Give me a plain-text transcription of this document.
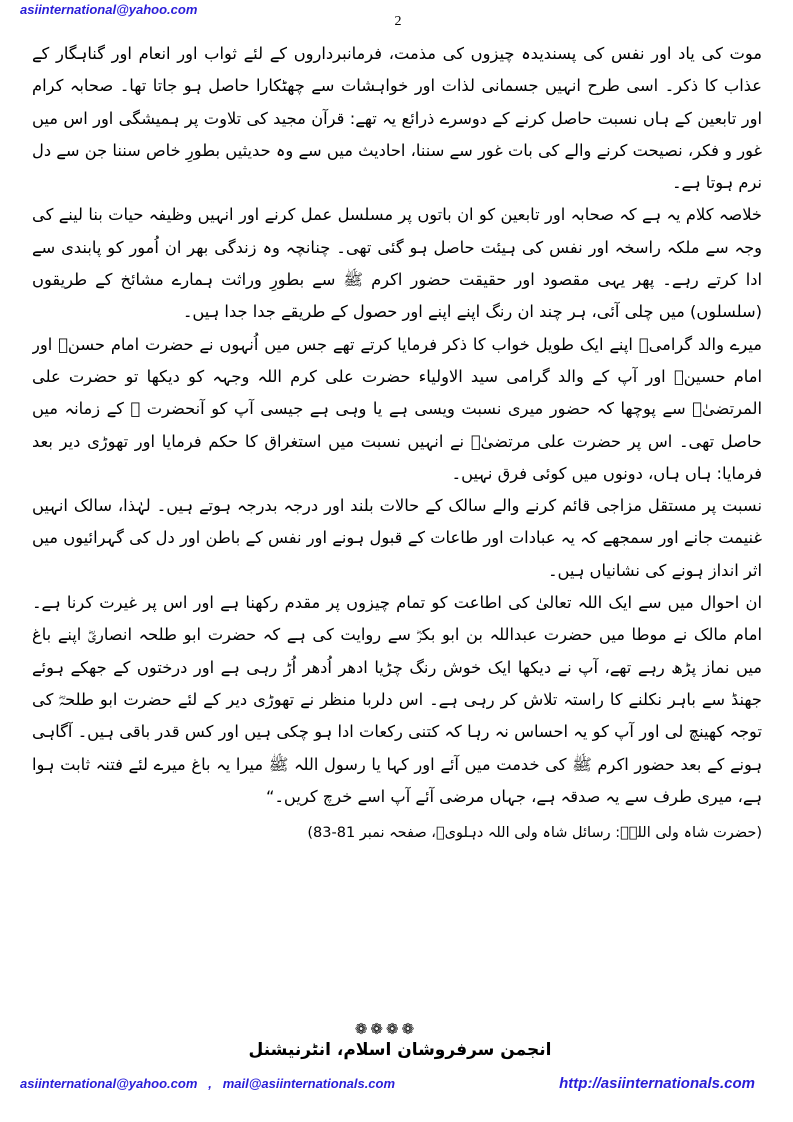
asiinternational@yahoo.com
2

موت کی یاد اور نفس کی پسندیدہ چیزوں کی مذمت، فرمانبرداروں کے لئے ثواب اور انعام اور گناہگار کے عذاب کا ذکر۔ اسی طرح انہیں جسمانی لذات اور خواہشات سے چھٹکارا حاصل ہو جاتا تھا۔ صحابہ کرام اور تابعین کے ہاں نسبت حاصل کرنے کے دوسرے ذرائع یہ تھے: قرآن مجید کی تلاوت پر ہمیشگی اور اس میں غور و فکر، نصیحت کرنے والے کی بات غور سے سننا، احادیث میں سے وہ حدیثیں بطورِ خاص سننا جن سے دل نرم ہوتا ہے۔

خلاصہ کلام یہ ہے کہ صحابہ اور تابعین کو ان باتوں پر مسلسل عمل کرنے اور انہیں وظیفہ حیات بنا لینے کی وجہ سے ملکہ راسخہ اور نفس کی ہیئت حاصل ہو گئی تھی۔ چنانچہ وہ زندگی بھر ان اُمور کو پابندی سے ادا کرتے رہے۔ پھر یہی مقصود اور حقیقت حضور اکرم ﷺ سے بطورِ وراثت ہمارے مشائخ کے طریقوں (سلسلوں) میں چلی آئی، ہر چند ان رنگ اپنے اپنے اور حصول کے طریقے جدا جدا ہیں۔

میرے والد گرامیؒ اپنے ایک طویل خواب کا ذکر فرمایا کرتے تھے جس میں اُنہوں نے حضرت امام حسنؓ اور امام حسینؓ اور آپ کے والد گرامی سید الاولیاء حضرت علی کرم اللہ وجہہ کو دیکھا تو حضرت علی المرتضیٰؓ سے پوچھا کہ حضور میری نسبت ویسی ہے یا وہی ہے جیسی آپ کو آنحضرت ﷺ کے زمانہ میں حاصل تھی۔ اس پر حضرت علی مرتضیٰؓ نے انہیں نسبت میں استغراق کا حکم فرمایا اور تھوڑی دیر بعد فرمایا: ہاں ہاں، دونوں میں کوئی فرق نہیں۔

نسبت پر مستقل مزاجی قائم کرنے والے سالک کے حالات بلند اور درجہ بدرجہ ہوتے ہیں۔ لہٰذا، سالک انہیں غنیمت جانے اور سمجھے کہ یہ عبادات اور طاعات کے قبول ہونے اور نفس کے باطن اور دل کی گہرائیوں میں اثر انداز ہونے کی نشانیاں ہیں۔

ان احوال میں سے ایک اللہ تعالیٰ کی اطاعت کو تمام چیزوں پر مقدم رکھنا ہے اور اس پر غیرت کرنا ہے۔ امام مالک نے موطا میں حضرت عبداللہ بن ابو بکرؓ سے روایت کی ہے کہ حضرت ابو طلحہ انصاریؓ اپنے باغ میں نماز پڑھ رہے تھے، آپ نے دیکھا ایک خوش رنگ چڑیا ادھر اُدھر اُڑ رہی ہے اور درختوں کے جھکے ہوئے جھنڈ سے باہر نکلنے کا راستہ تلاش کر رہی ہے۔ اس دلربا منظر نے تھوڑی دیر کے لئے حضرت ابو طلحہؓ کی توجہ کھینچ لی اور آپ کو یہ احساس نہ رہا کہ کتنی رکعات ادا ہو چکی ہیں اور کس قدر باقی ہیں۔ آگاہی ہونے کے بعد حضور اکرم ﷺ کی خدمت میں آئے اور کہا یا رسول اللہ ﷺ میرا یہ باغ میرے لئے فتنہ ثابت ہوا ہے، میری طرف سے یہ صدقہ ہے، جہاں مرضی آئے آپ اسے خرچ کریں۔“

(حضرت شاہ ولی اللہؒ: رسائل شاہ ولی اللہ دہلویؒ، صفحہ نمبر 81-83)

❁❁❁❁
انجمن سرفروشان اسلام، انٹرنیشنل
asiinternational@yahoo.com , mail@asiinternationals.com	http://asiinternationals.com
